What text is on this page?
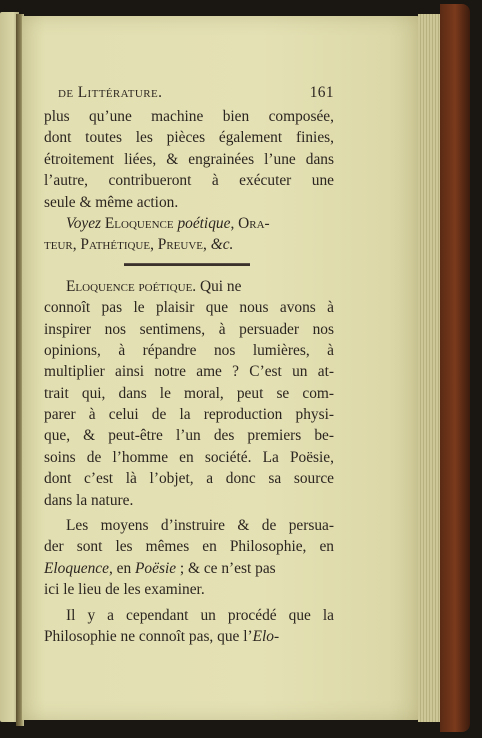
de Littérature.	161
plus qu’une machine bien composée,
dont toutes les pièces également finies,
étroitement liées, & engrainées l’une dans
l’autre, contribueront à exécuter une
seule & même action.
Voyez Eloquence poétique, Ora-
teur, Pathétique, Preuve, &c.
Eloquence poétique. Qui ne
connoît pas le plaisir que nous avons à
inspirer nos sentimens, à persuader nos
opinions, à répandre nos lumières, à
multiplier ainsi notre ame ? C’est un at-
trait qui, dans le moral, peut se com-
parer à celui de la reproduction physi-
que, & peut-être l’un des premiers be-
soins de l’homme en société. La Poësie,
dont c’est là l’objet, a donc sa source
dans la nature.
Les moyens d’instruire & de persua-
der sont les mêmes en Philosophie, en
Eloquence, en Poësie ; & ce n’est pas
ici le lieu de les examiner.
Il y a cependant un procédé que la
Philosophie ne connoît pas, que l’Elo-
